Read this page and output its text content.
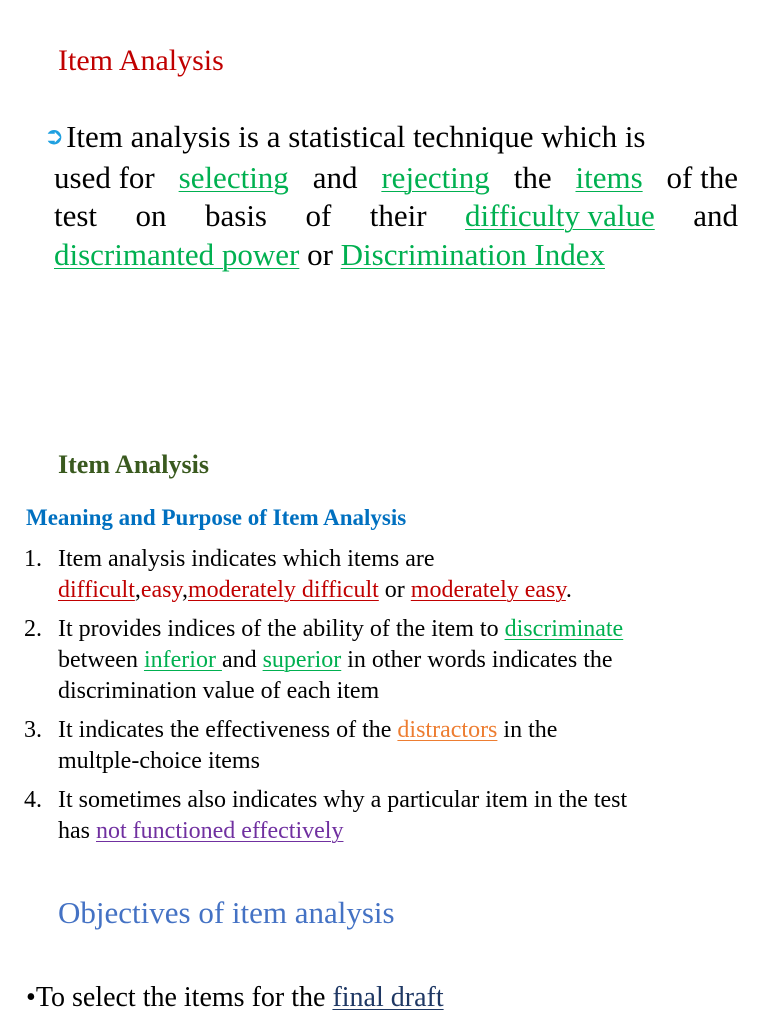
Item Analysis
➲Item analysis is a statistical technique which is
used for selecting and rejecting the items of the
test on basis of their difficulty value and
discrimanted power or Discrimination Index
Item Analysis
Meaning and Purpose of Item Analysis
1. Item analysis indicates which items are
difficult,easy,moderately difficult or moderately easy.
2. It provides indices of the ability of the item to discriminate
between inferior and superior in other words indicates the
discrimination value of each item
3. It indicates the effectiveness of the distractors in the
multple-choice items
4. It sometimes also indicates why a particular item in the test
has not functioned effectively
Objectives of item analysis
•To select the items for the final draft
